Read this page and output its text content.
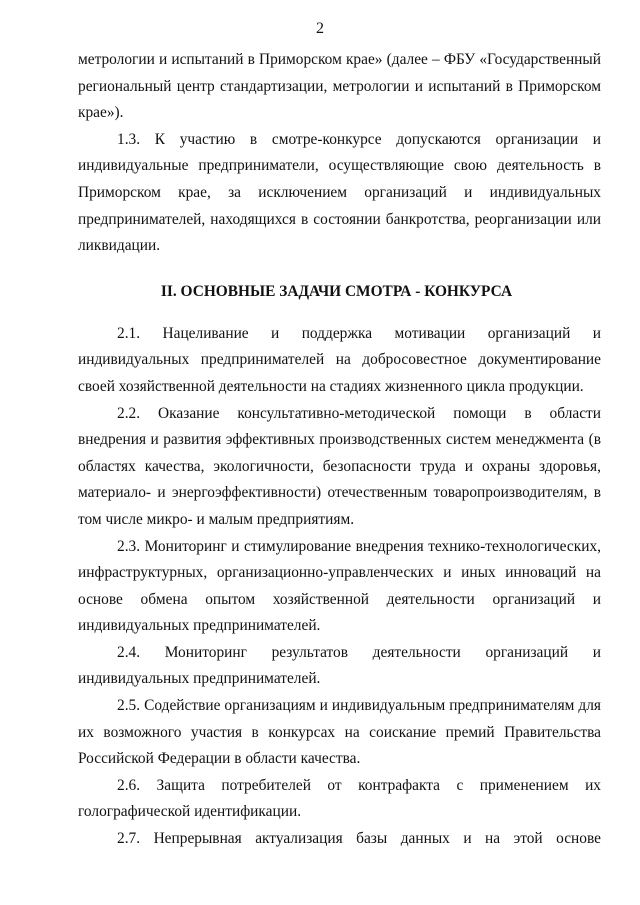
2

метрологии и испытаний в Приморском крае» (далее – ФБУ «Государственный региональный центр стандартизации, метрологии и испытаний в Приморском крае»).

1.3. К участию в смотре-конкурсе допускаются организации и индивидуальные предприниматели, осуществляющие свою деятельность в Приморском крае, за исключением организаций и индивидуальных предпринимателей, находящихся в состоянии банкротства, реорганизации или ликвидации.

II. ОСНОВНЫЕ ЗАДАЧИ СМОТРА - КОНКУРСА

2.1. Нацеливание и поддержка мотивации организаций и индивидуальных предпринимателей на добросовестное документирование своей хозяйственной деятельности на стадиях жизненного цикла продукции.

2.2. Оказание консультативно-методической помощи в области внедрения и развития эффективных производственных систем менеджмента (в областях качества, экологичности, безопасности труда и охраны здоровья, материало- и энергоэффективности) отечественным товаропроизводителям, в том числе микро- и малым предприятиям.

2.3. Мониторинг и стимулирование внедрения технико-технологических, инфраструктурных, организационно-управленческих и иных инноваций на основе обмена опытом хозяйственной деятельности организаций и индивидуальных предпринимателей.

2.4. Мониторинг результатов деятельности организаций и индивидуальных предпринимателей.

2.5. Содействие организациям и индивидуальным предпринимателям для их возможного участия в конкурсах на соискание премий Правительства Российской Федерации в области качества.

2.6. Защита потребителей от контрафакта с применением их голографической идентификации.

2.7. Непрерывная актуализация базы данных и на этой основе
